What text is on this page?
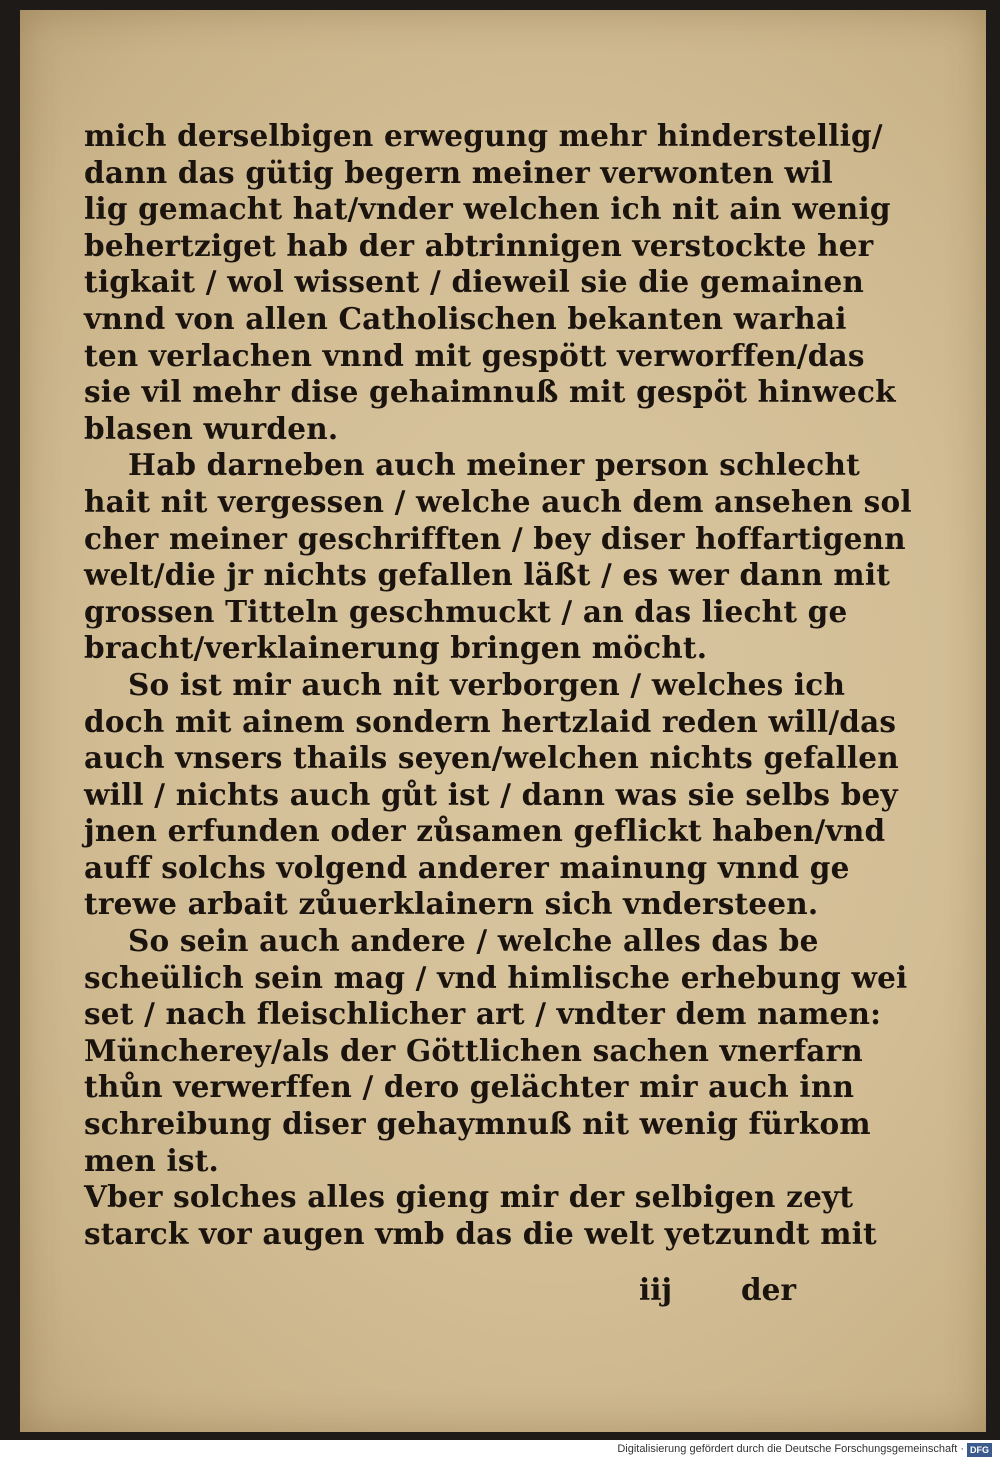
mich derselbigen erwegung mehr hinderstellig/
dann das gütig begern meiner verwonten wil
lig gemacht hat/vnder welchen ich nit ain wenig
behertziget hab der abtrinnigen verstockte her
tigkait / wol wissent / dieweil sie die gemainen
vnnd von allen Catholischen bekanten warhai
ten verlachen vnnd mit gespött verworffen/das
sie vil mehr dise gehaimnuß mit gespöt hinweck
blasen wurden.
Hab darneben auch meiner person schlecht
hait nit vergessen / welche auch dem ansehen sol
cher meiner geschrifften / bey diser hoffartigenn
welt/die jr nichts gefallen läßt / es wer dann mit
grossen Titteln geschmuckt / an das liecht ge
bracht/verklainerung bringen möcht.
So ist mir auch nit verborgen / welches ich
doch mit ainem sondern hertzlaid reden will/das
auch vnsers thails seyen/welchen nichts gefallen
will / nichts auch gůt ist / dann was sie selbs bey
jnen erfunden oder zůsamen geflickt haben/vnd
auff solchs volgend anderer mainung vnnd ge
trewe arbait zůuerklainern sich vndersteen.
So sein auch andere / welche alles das be
scheülich sein mag / vnd himlische erhebung wei
set / nach fleischlicher art / vndter dem namen:
Müncherey/als der Göttlichen sachen vnerfarn
thůn verwerffen / dero gelächter mir auch inn
schreibung diser gehaymnuß nit wenig fürkom
men ist.
Vber solches alles gieng mir der selbigen zeyt
starck vor augen vmb das die welt yetzundt mit
iij der
Digitalisierung gefördert durch die Deutsche Forschungsgemeinschaft · DFG
